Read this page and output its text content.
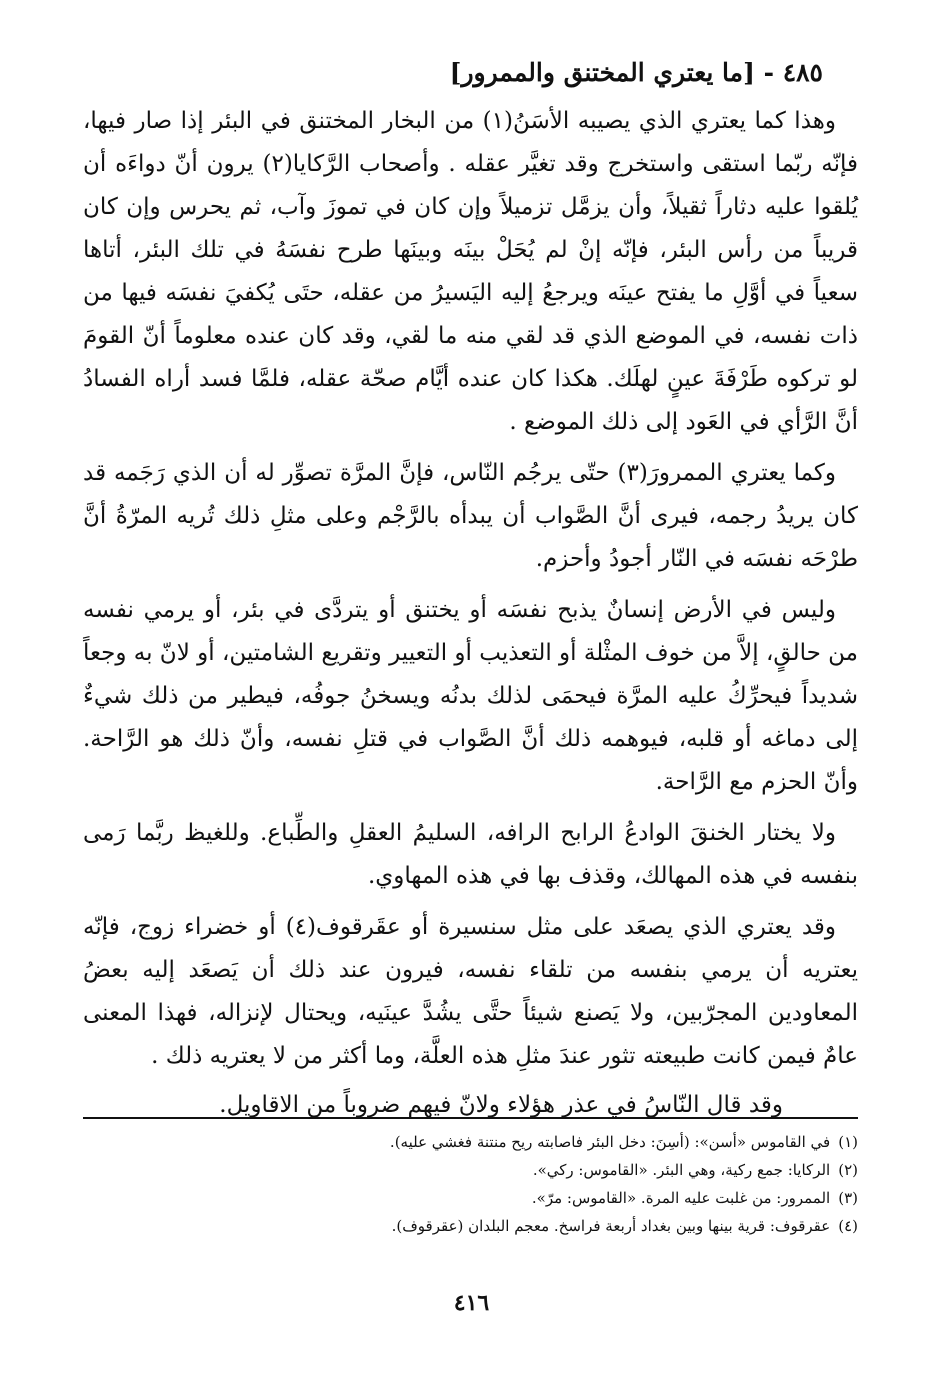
٤٨٥ - [ما يعتري المختنق والممرور]

وهذا كما يعتري الذي يصيبه الأسَنُ(١) من البخار المختنق في البئر إذا صار فيها، فإنّه ربّما استقى واستخرج وقد تغيَّر عقله . وأصحاب الرَّكايا(٢) يرون أنّ دواءَه أن يُلقوا عليه دثاراً ثقيلاً، وأن يزمَّل تزميلاً وإن كان في تموزَ وآب، ثم يحرس وإن كان قريباً من رأس البئر، فإنّه إنْ لم يُحَلْ بينَه وبينَها طرح نفسَهُ في تلك البئر، أتاها سعياً في أوَّلِ ما يفتح عينَه ويرجعُ إليه اليَسيرُ من عقله، حتَى يُكفيَ نفسَه فيها من ذات نفسه، في الموضع الذي قد لقي منه ما لقي، وقد كان عنده معلوماً أنّ القومَ لو تركوه طَرْفَةَ عينٍ لهلَك. هكذا كان عنده أيَّام صحّة عقله، فلمَّا فسد أراه الفسادُ أنَّ الرَّأي في العَود إلى ذلك الموضع .

وكما يعتري الممرورَ(٣) حتّى يرجُم النّاس، فإنَّ المرَّة تصوِّر له أن الذي رَجَمه قد كان يريدُ رجمه، فيرى أنَّ الصَّواب أن يبدأه بالرَّجْم وعلى مثلِ ذلك تُريه المرّةُ أنَّ طرْحَه نفسَه في النّار أجودُ وأحزم.

وليس في الأرض إنسانٌ يذبح نفسَه أو يختنق أو يتردَّى في بئر، أو يرمي نفسه من حالقٍ، إلاَّ من خوف المثْلة أو التعذيب أو التعيير وتقريع الشامتين، أو لانّ به وجعاً شديداً فيحرِّكُ عليه المرَّة فيحمَى لذلك بدنُه ويسخنُ جوفُه، فيطير من ذلك شيءٌ إلى دماغه أو قلبه، فيوهمه ذلك أنَّ الصَّواب في قتلِ نفسه، وأنّ ذلك هو الرَّاحة. وأنّ الحزم مع الرَّاحة.

ولا يختار الخنقَ الوادعُ الرابح الرافه، السليمُ العقلِ والطِّباع. وللغيظ ربَّما رَمى بنفسه في هذه المهالك، وقذف بها في هذه المهاوي.

وقد يعتري الذي يصعَد على مثل سنسيرة أو عقَرقوف(٤) أو خضراء زوج، فإنّه يعتريه أن يرمي بنفسه من تلقاء نفسه، فيرون عند ذلك أن يَصعَد إليه بعضُ المعاودين المجرّبين، ولا يَصنع شيئاً حتَّى يشُدَّ عينَيه، ويحتال لإنزاله، فهذا المعنى عامٌ فيمن كانت طبيعته تثور عندَ مثلِ هذه العلَّة، وما أكثر من لا يعتريه ذلك .

وقد قال النّاسُ في عذر هؤلاء ولانّ فيهم ضروباً من الاقاويل.

(١)في القاموس «أسن»: (أسِنَ: دخل البئر فاصابته ريح منتنة فغشي عليه).
(٢)الركايا: جمع ركية، وهي البئر. «القاموس: ركي».
(٣)الممرور: من غلبت عليه المرة. «القاموس: مرّ».
(٤)عقرقوف: قرية بينها وبين بغداد أربعة فراسخ. معجم البلدان (عقرقوف).
٤١٦
